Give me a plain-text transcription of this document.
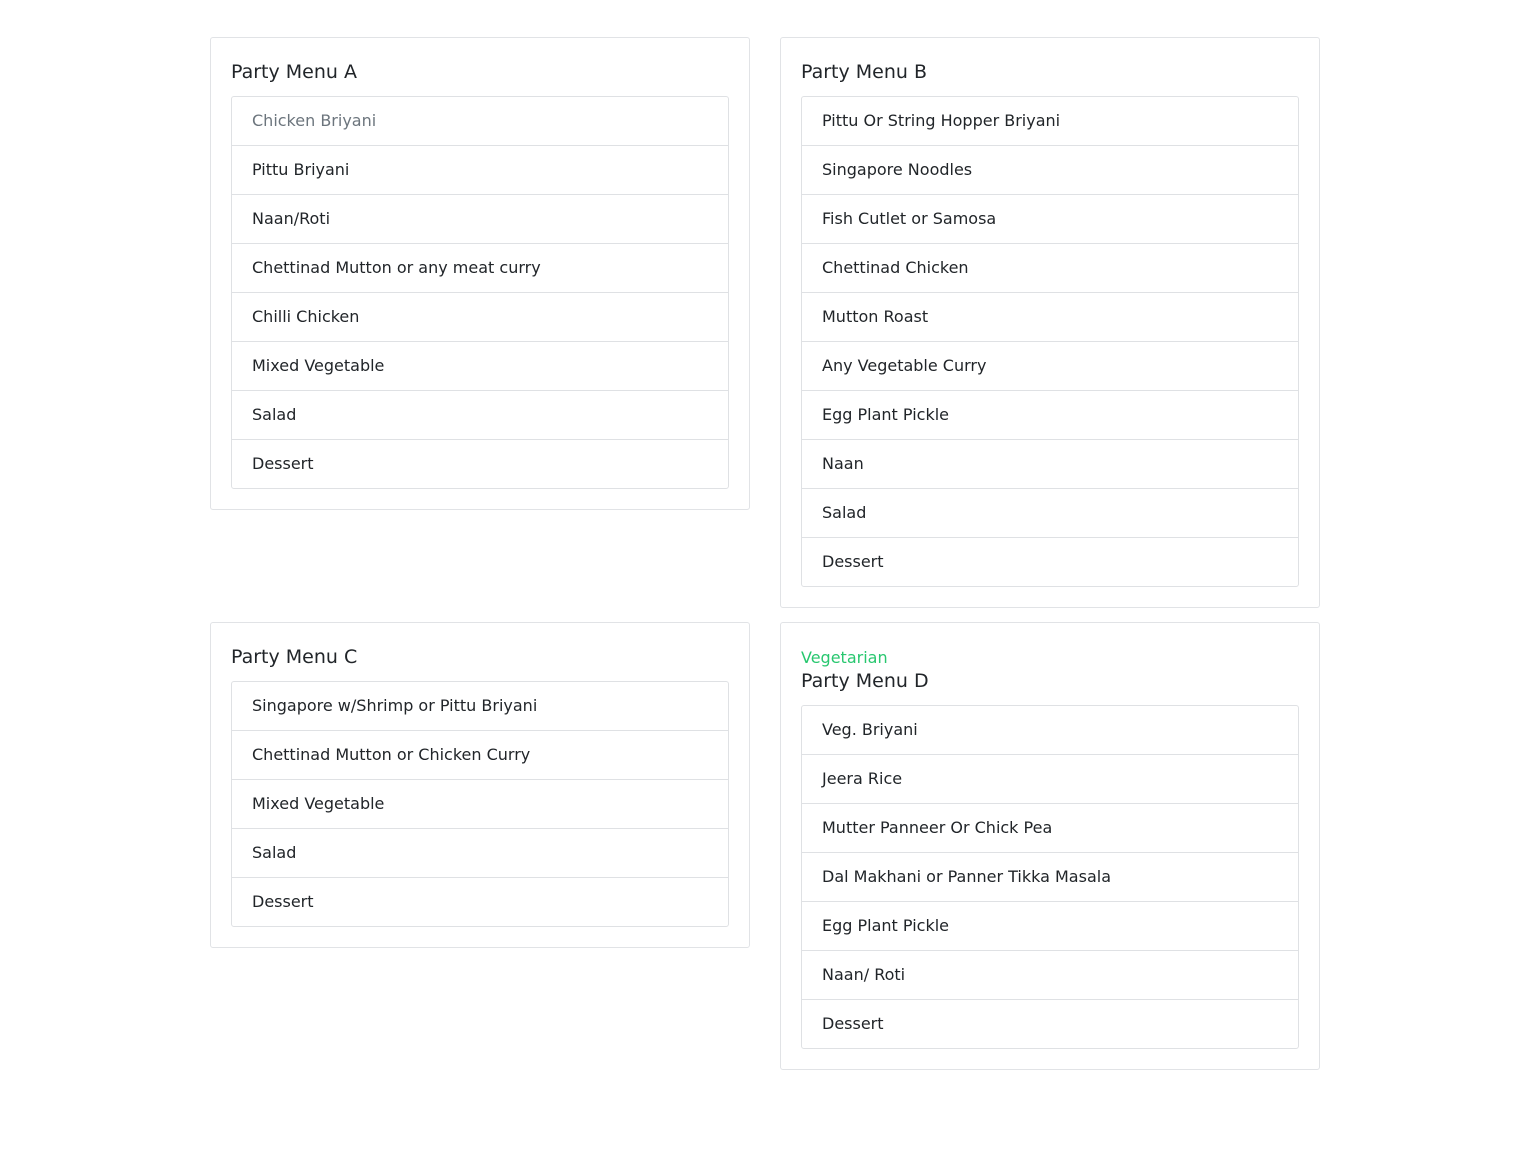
Party Menu A
Chicken Briyani
Pittu Briyani
Naan/Roti
Chettinad Mutton or any meat curry
Chilli Chicken
Mixed Vegetable
Salad
Dessert
Party Menu B
Pittu Or String Hopper Briyani
Singapore Noodles
Fish Cutlet or Samosa
Chettinad Chicken
Mutton Roast
Any Vegetable Curry
Egg Plant Pickle
Naan
Salad
Dessert
Party Menu C
Singapore w/Shrimp or Pittu Briyani
Chettinad Mutton or Chicken Curry
Mixed Vegetable
Salad
Dessert
Vegetarian
Party Menu D
Veg. Briyani
Jeera Rice
Mutter Panneer Or Chick Pea
Dal Makhani or Panner Tikka Masala
Egg Plant Pickle
Naan/ Roti
Dessert
